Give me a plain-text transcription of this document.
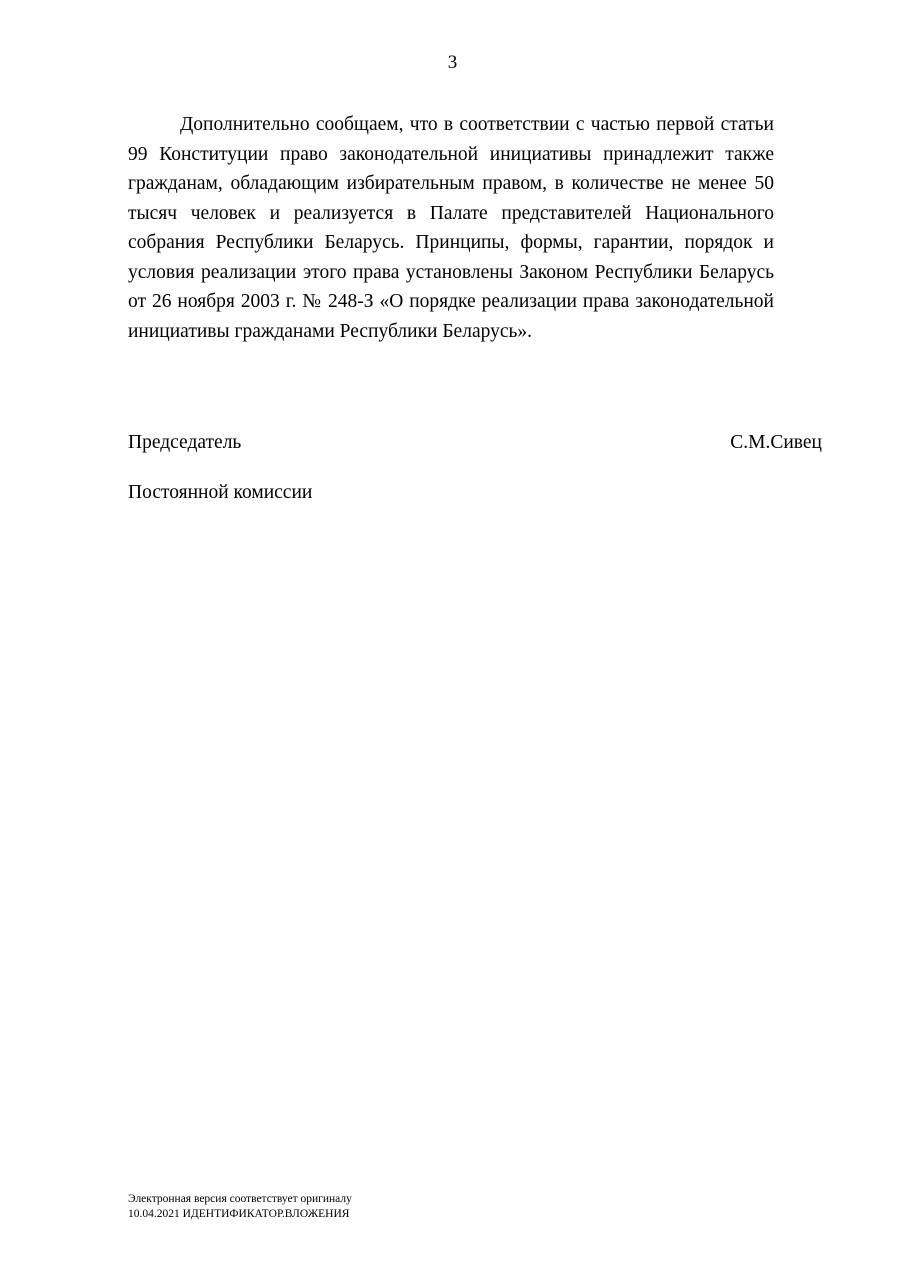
3

Дополнительно сообщаем, что в соответствии с частью первой статьи 99 Конституции право законодательной инициативы принадлежит также гражданам, обладающим избирательным правом, в количестве не менее 50 тысяч человек и реализуется в Палате представителей Национального собрания Республики Беларусь. Принципы, формы, гарантии, порядок и условия реализации этого права установлены Законом Республики Беларусь от 26 ноября 2003 г. № 248-З «О порядке реализации права законодательной инициативы гражданами Республики Беларусь».

Председатель

Постоянной комиссии

С.М.Сивец
Электронная версия соответствует оригиналу
10.04.2021 ИДЕНТИФИКАТОР.ВЛОЖЕНИЯ
